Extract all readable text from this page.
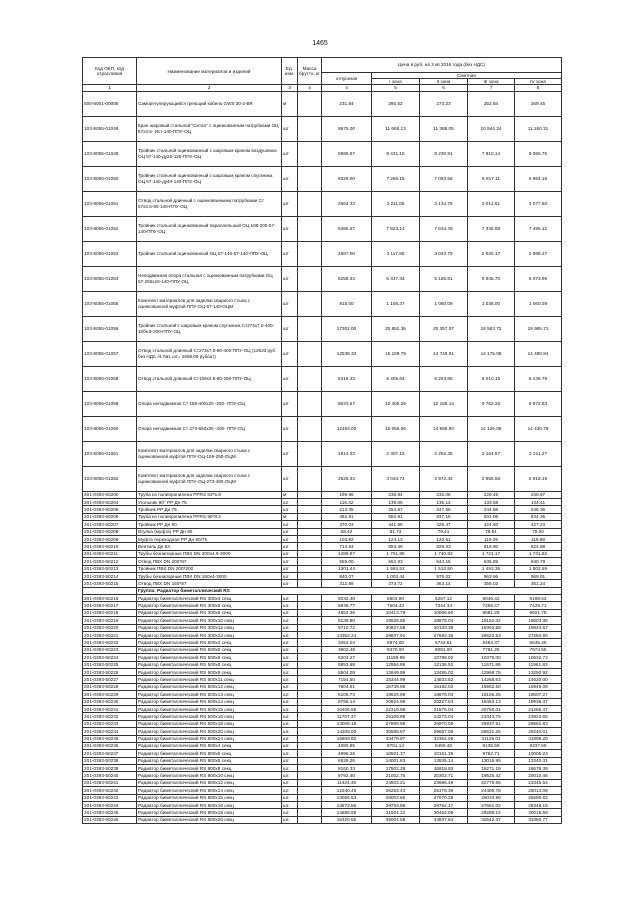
1465
Код ОКП, код отраслевой	Наименование материалов и изделий	Ед. изм.	Масса брутто, кг	Цена в руб. на 3 кв 2016 года (без НДС)				
				отпускная	Сметная			
					I зона	II зона	III зона	IV зона
1	2	3	4	4	5	6	7	8
500-8001-00005	Саморегулирующийся греющий кабель GWS 30-2-BR	м		231.84	290.52	273.23	252.84	269.45
103-8055-01048	Кран шаровый стальной "Ситал" с оцинкованным патрубками ОЦ 57х3.5- Ист-140-ППУ-ОЦ	шт		9675.00	11 665.13	11 388.05	10 944.24	11 160.31
103-8055-01049	Тройник стальной оцинкованный с шаровым краном воздушника ОЦ 57-140-ду25-125-ППУ-ОЦ	шт		6985.67	8 431.15	8 230.91	7 910.14	8 066.76
103-8055-01050	Тройник стальной оцинкованный с шаровым краном спускника ОЦ 57-140-ду40-140-ППУ-ОЦ	шт		6029.00	7 266.15	7 093.56	6 817.11	6 954.18
103-8055-01051	Отвод стальной длинный с оцинкованными патрубками Ст 57х3.5-90-140-ППУ-ОЦ	шт		2664.33	3 211.05	3 134.78	3 012.61	3 077.60
103-8055-01052	Тройник стальной оцинкованный параллельный ОЦ 108-200-57-140-ППУ-ОЦ	шт		6486.67	7 823.14	7 634.39	7 336.88	7 495.12
103-8055-01053	Тройник стальной оцинкованный ОЦ 57-140-57-140-ППУ-ОЦ	шт		2587.00	3 117.85	3 043.79	2 925.17	2 988.27
103-8055-01054	Неподвижная опора стальная с оцинкованным патрубками ОЦ 57-255х16-140-ППУ-ОЦ	шт		5258.33	6 337.34	6 186.81	5 945.70	6 073.96
103-8055-01055	Комплект материалов для заделки сварного стыка с оцинкованной муфтой ППУ-ОЦ-57-140-ОЦМ	шт		918.00	1 106.37	1 080.09	1 038.00	1 060.39
103-8055-01056	Тройник стальной с шаровым краном спускника Ст273х7.0-400-10бк.9-200-ППУ-ОЦ	шт		17302.00	20 852.36	20 357.07	19 563.72	19 985.71
103-8055-01057	Отвод стальной длинный Ст273х7.0-90-400-ППУ-ОЦ (12633 руб без НДС /4.7м1 шт= 2688.09 руб/шт)	шт		12538.33	15 108.79	14 749.91	14 175.08	14 480.84
103-8055-01058	Отвод стальной длинный Ст159х4.5-90-250-ППУ-ОЦ	шт		5315.33	6 405.64	6 253.85	6 010.15	6 139.79
103-8055-01059	Опора неподвижная Ст 159-400х20 -250- ППУ-ОЦ	шт		8633.67	10 405.29	10 158.14	9 762.26	9 972.83
103-8055-01060	Опора неподвижная Ст 273-550х30 -400- ППУ-ОЦ	шт		12493.00	15 056.56	14 698.93	14 126.08	14 430.79
103-8055-01061	Комплект материалов для заделки сварного стыка с оцинкованной муфтой ППУ-ОЦ-159-250-ОЦМ	шт		1914.33	2 307.15	2 252.35	2 164.57	2 211.27
103-8055-01062	Комплект материалов для заделки сварного стыка с оцинкованной муфтой ППУ-ОЦ-273-400-ОЦМ	шт		2526.33	3 044.74	2 972.42	2 856.58	2 918.19
201-0393-50200	Труба из полипропилена PPRS 63*5.8	м		199.96	238.84	232.08	229.45	230.87
201-0393-50204	Угольник 90° PP Дн 75	шт		116.42	139.06	135.12	133.58	134.41
201-0393-50205	Тройник PP Дн 75	шт		213.35	254.87	247.66	244.86	246.36
201-0393-50206	Труба из полипропилена PPRS 90*8.2	м		462.81	552.81	537.16	531.06	534.35
201-0393-50207	Тройник PP Дн 90	шт		370.03	441.99	429.47	424.60	427.23
201-0393-50208	Втулка (муфта) PP Дн 90	шт		68.42	81.73	79.41	78.51	79.00
201-0393-50209	Муфта переходная PP Дн 90/75	шт		103.82	124.13	120.61	119.25	119.98
201-0393-50210	Вентиль Дн 63	шт		714.54	853.49	829.33	819.90	824.98
201-0393-50211	Трубы безнапорные ПВХ DN 200х4.9-3000	шт		1489.97	1 791.85	1 740.82	1 721.17	1 731.82
201-0393-50212	Отвод ПВХ DN 200*87	шт		555.00	662.93	644.15	636.85	640.78
201-0393-50213	Тройник ПВХ DN 200*200	шт		1301.44	1 564.52	1 510.50	1 493.36	1 502.59
201-0393-50214	Трубы безнапорные ПВХ DN 160х4-3000	шт		840.07	1 003.44	975.02	963.96	969.91
201-0393-50215	Отвод ПВХ DN 160*87	шт		312.88	373.72	363.14	359.02	361.24
	Группа: Радиатор биметаллический RS							
201-0393-50216	Радиатор биметаллический RS 300х4 секц	шт.		5032.40	6503.90	6267.12	6046.42	6198.62
201-0393-50217	Радиатор биметаллический RS 300х6 секц	шт.		5838.77	7604.43	7344.34	7255.47	7425.71
201-0393-50218	Радиатор биметаллический RS 300х8 секц	шт.		4853.36	10413.79	10066.60	9681.29	9921.78
201-0393-50219	Радиатор биметаллический RS 300х10 секц	шт.		9139.80	19525.85	18875.04	18152.42	18603.35
201-0393-50220	Радиатор биметаллический RS 300х12 секц	шт.		9710.72	20827.58	20133.38	19362.58	19843.57
201-0393-50221	Радиатор биметаллический RS 300х22 секц	шт.		13352.24	28637.91	27683.35	26623.53	27284.90
201-0393-50222	Радиатор биметаллический RS 500х4 секц	шт.		3252.04	6974.00	6742.51	6484.37	6645.45
201-0393-50223	Радиатор биметаллический RS 500х5 секц	шт.		3902.48	8370.00	8091.00	7781.25	7974.55
201-0393-50224	Радиатор биметаллический RS 500х6 секц	шт.		5203.27	11159.99	10788.02	10375.00	10632.73
201-0393-50225	Радиатор биметаллический RS 500х8 секц	шт.		5853.68	12554.86	12136.52	11671.88	11961.83
201-0393-50226	Радиатор биметаллический RS 500х9 секц	шт.		6504.09	13949.99	13485.02	12968.75	13290.92
201-0393-50227	Радиатор биметаллический RS 500х11 секц	шт.		7154.50	15344.99	14833.52	14265.63	14620.00
201-0393-50228	Радиатор биметаллический RS 500х12 секц	шт.		7804.91	16739.98	16182.02	15562.50	15949.09
201-0393-50229	Радиатор биметаллический RS 500х13 секц	шт.		8105.73	19529.98	18879.03	18156.25	18607.27
201-0393-50230	Радиатор биметаллический RS 500х14 секц	шт.		9756.14	20924.98	20227.53	19453.13	19936.37
201-0393-50231	Радиатор биметаллический RS 500х15 секц	шт.		10406.55	22319.98	21576.04	20750.01	21265.47
201-0393-50232	Радиатор биметаллический RS 500х16 секц	шт.		11707.37	25109.98	24273.04	23343.75	23923.65
201-0393-50233	Радиатор биметаллический RS 500х18 секц	шт.		13008.19	27899.98	26970.05	25937.51	26581.83
201-0393-50234	Радиатор биметаллический RS 500х20 секц	шт.		14309.00	30689.97	29667.06	28531.25	29240.01
201-0393-50235	Радиатор биметаллический RS 500х24 секц	шт.		15609.82	33479.97	32364.06	31125.01	31898.20
201-0393-50236	Радиатор биметаллический RS 800х4 секц	шт.		4080.95	8751.14	8459.48	8135.59	8337.69
201-0393-50237	Радиатор биметаллический RS 800х5 секц	шт.		4896.26	10501.37	10151.35	9762.71	10005.23
201-0393-50238	Радиатор биметаллический RS 800х6 секц	шт.		6528.26	14001.83	13535.14	13016.95	13340.31
201-0393-50239	Радиатор биметаллический RS 800х8 секц	шт.		8160.33	17502.28	16918.92	16271.19	16675.39
201-0393-50240	Радиатор биметаллический RS 800х10 секц	шт.		9792.40	21002.75	20302.71	19525.42	20010.46
201-0393-50241	Радиатор биметаллический RS 800х12 секц	шт.		11424.46	24503.21	23686.49	22779.66	23345.54
201-0393-50242	Радиатор биметаллический RS 800х14 секц	шт.		12240.49	26253.43	25378.39	24406.78	25013.08
201-0393-50243	Радиатор биметаллический RS 800х15 секц	шт.		13056.53	28003.66	27070.28	26033.90	26680.62
201-0393-50244	Радиатор биметаллический RS 800х16 секц	шт.		13872.56	29753.89	28762.17	27661.02	28348.15
201-0393-50245	Радиатор биметаллический RS 800х18 секц	шт.		14688.59	31504.12	30454.06	29288.14	30015.69
201-0393-50246	Радиатор биметаллический RS 800х20 секц	шт.		16320.66	35004.58	33837.84	32542.37	33350.77
